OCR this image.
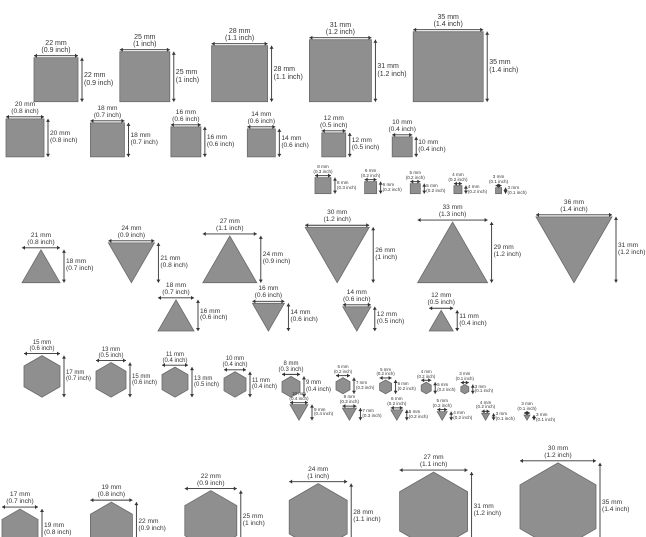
22 mm
(0.9 inch)
22 mm
(0.9 inch)
25 mm
(1 inch)
25 mm
(1 inch)
28 mm
(1.1 inch)
28 mm
(1.1 inch)
31 mm
(1.2 inch)
31 mm
(1.2 inch)
35 mm
(1.4 inch)
35 mm
(1.4 inch)
20 mm
(0.8 inch)
20 mm
(0.8 inch)
18 mm
(0.7 inch)
18 mm
(0.7 inch)
16 mm
(0.6 inch)
16 mm
(0.6 inch)
14 mm
(0.6 inch)
14 mm
(0.6 inch)
12 mm
(0.5 inch)
12 mm
(0.5 inch)
10 mm
(0.4 inch)
10 mm
(0.4 inch)
8 mm
(0.3 inch)
8 mm
(0.3 inch)
6 mm
(0.2 inch)
6 mm
(0.2 inch)
5 mm
(0.2 inch)
5 mm
(0.2 inch)
4 mm
(0.2 inch)
4 mm
(0.2 inch)
3 mm
(0.1 inch)
3 mm
(0.1 inch)
21 mm
(0.8 inch)
18 mm
(0.7 inch)
24 mm
(0.9 inch)
21 mm
(0.8 inch)
27 mm
(1.1 inch)
24 mm
(0.9 inch)
30 mm
(1.2 inch)
26 mm
(1 inch)
33 mm
(1.3 inch)
29 mm
(1.2 inch)
36 mm
(1.4 inch)
31 mm
(1.2 inch)
18 mm
(0.7 inch)
16 mm
(0.6 inch)
16 mm
(0.6 inch)
14 mm
(0.6 inch)
14 mm
(0.6 inch)
12 mm
(0.5 inch)
12 mm
(0.5 inch)
11 mm
(0.4 inch)
15 mm
(0.6 inch)
17 mm
(0.7 inch)
13 mm
(0.5 inch)
15 mm
(0.6 inch)
11 mm
(0.4 inch)
13 mm
(0.5 inch)
10 mm
(0.4 inch)
11 mm
(0.4 inch)
8 mm
(0.3 inch)
9 mm
(0.4 inch)
6 mm
(0.2 inch)
7 mm
(0.3 inch)
5 mm
(0.2 inch)
6 mm
(0.2 inch)
4 mm
(0.2 inch)
5 mm
(0.2 inch)
3 mm
(0.1 inch)
3 mm
(0.1 inch)
10 mm
(0.4 inch)
9 mm
(0.4 inch)
8 mm
(0.3 inch)
7 mm
(0.3 inch)
6 mm
(0.2 inch)
5 mm
(0.2 inch)
5 mm
(0.2 inch)
4 mm
(0.2 inch)
4 mm
(0.2 inch)
3 mm
(0.1 inch)
3 mm
(0.1 inch)
3 mm
(0.1 inch)
17 mm
(0.7 inch)
19 mm
(0.8 inch)
19 mm
(0.8 inch)
22 mm
(0.9 inch)
22 mm
(0.9 inch)
25 mm
(1 inch)
24 mm
(1 inch)
28 mm
(1.1 inch)
27 mm
(1.1 inch)
31 mm
(1.2 inch)
30 mm
(1.2 inch)
35 mm
(1.4 inch)
